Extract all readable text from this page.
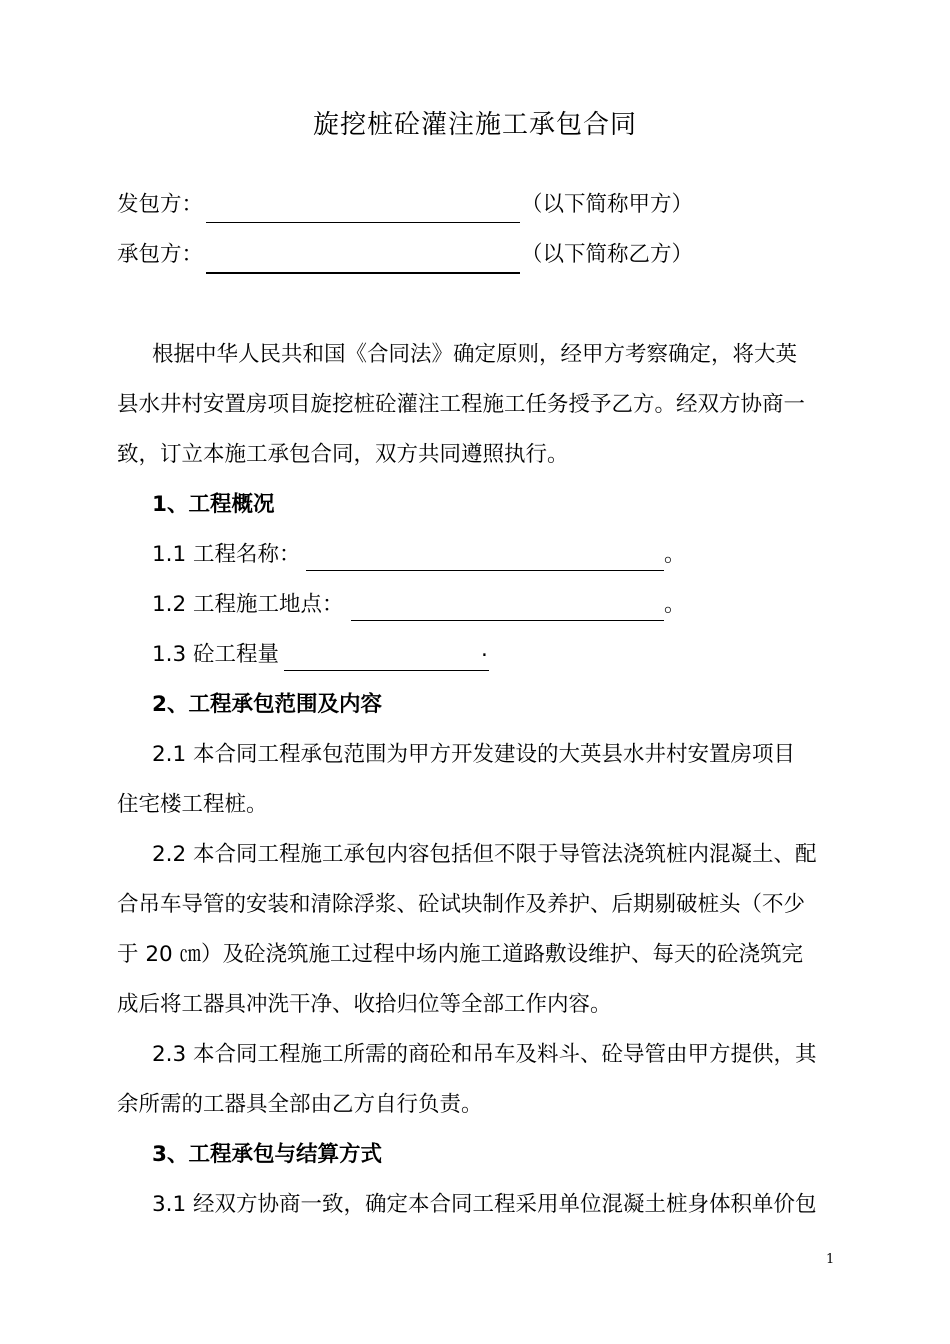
旋挖桩砼灌注施工承包合同
发包方：	（以下简称甲方）
承包方：	（以下简称乙方）
根据中华人民共和国《合同法》确定原则，经甲方考察确定，将大英
县水井村安置房项目旋挖桩砼灌注工程施工任务授予乙方。经双方协商一
致，订立本施工承包合同，双方共同遵照执行。
1、工程概况
1.1 工程名称：	。
1.2 工程施工地点：	。
1.3 砼工程量	.
2、工程承包范围及内容
2.1 本合同工程承包范围为甲方开发建设的大英县水井村安置房项目
住宅楼工程桩。
2.2 本合同工程施工承包内容包括但不限于导管法浇筑桩内混凝土、配
合吊车导管的安装和清除浮浆、砼试块制作及养护、后期剔破桩头（不少
于 20 ㎝）及砼浇筑施工过程中场内施工道路敷设维护、每天的砼浇筑完
成后将工器具冲洗干净、收拾归位等全部工作内容。
2.3 本合同工程施工所需的商砼和吊车及料斗、砼导管由甲方提供，其
余所需的工器具全部由乙方自行负责。
3、工程承包与结算方式
3.1 经双方协商一致，确定本合同工程采用单位混凝土桩身体积单价包
1
